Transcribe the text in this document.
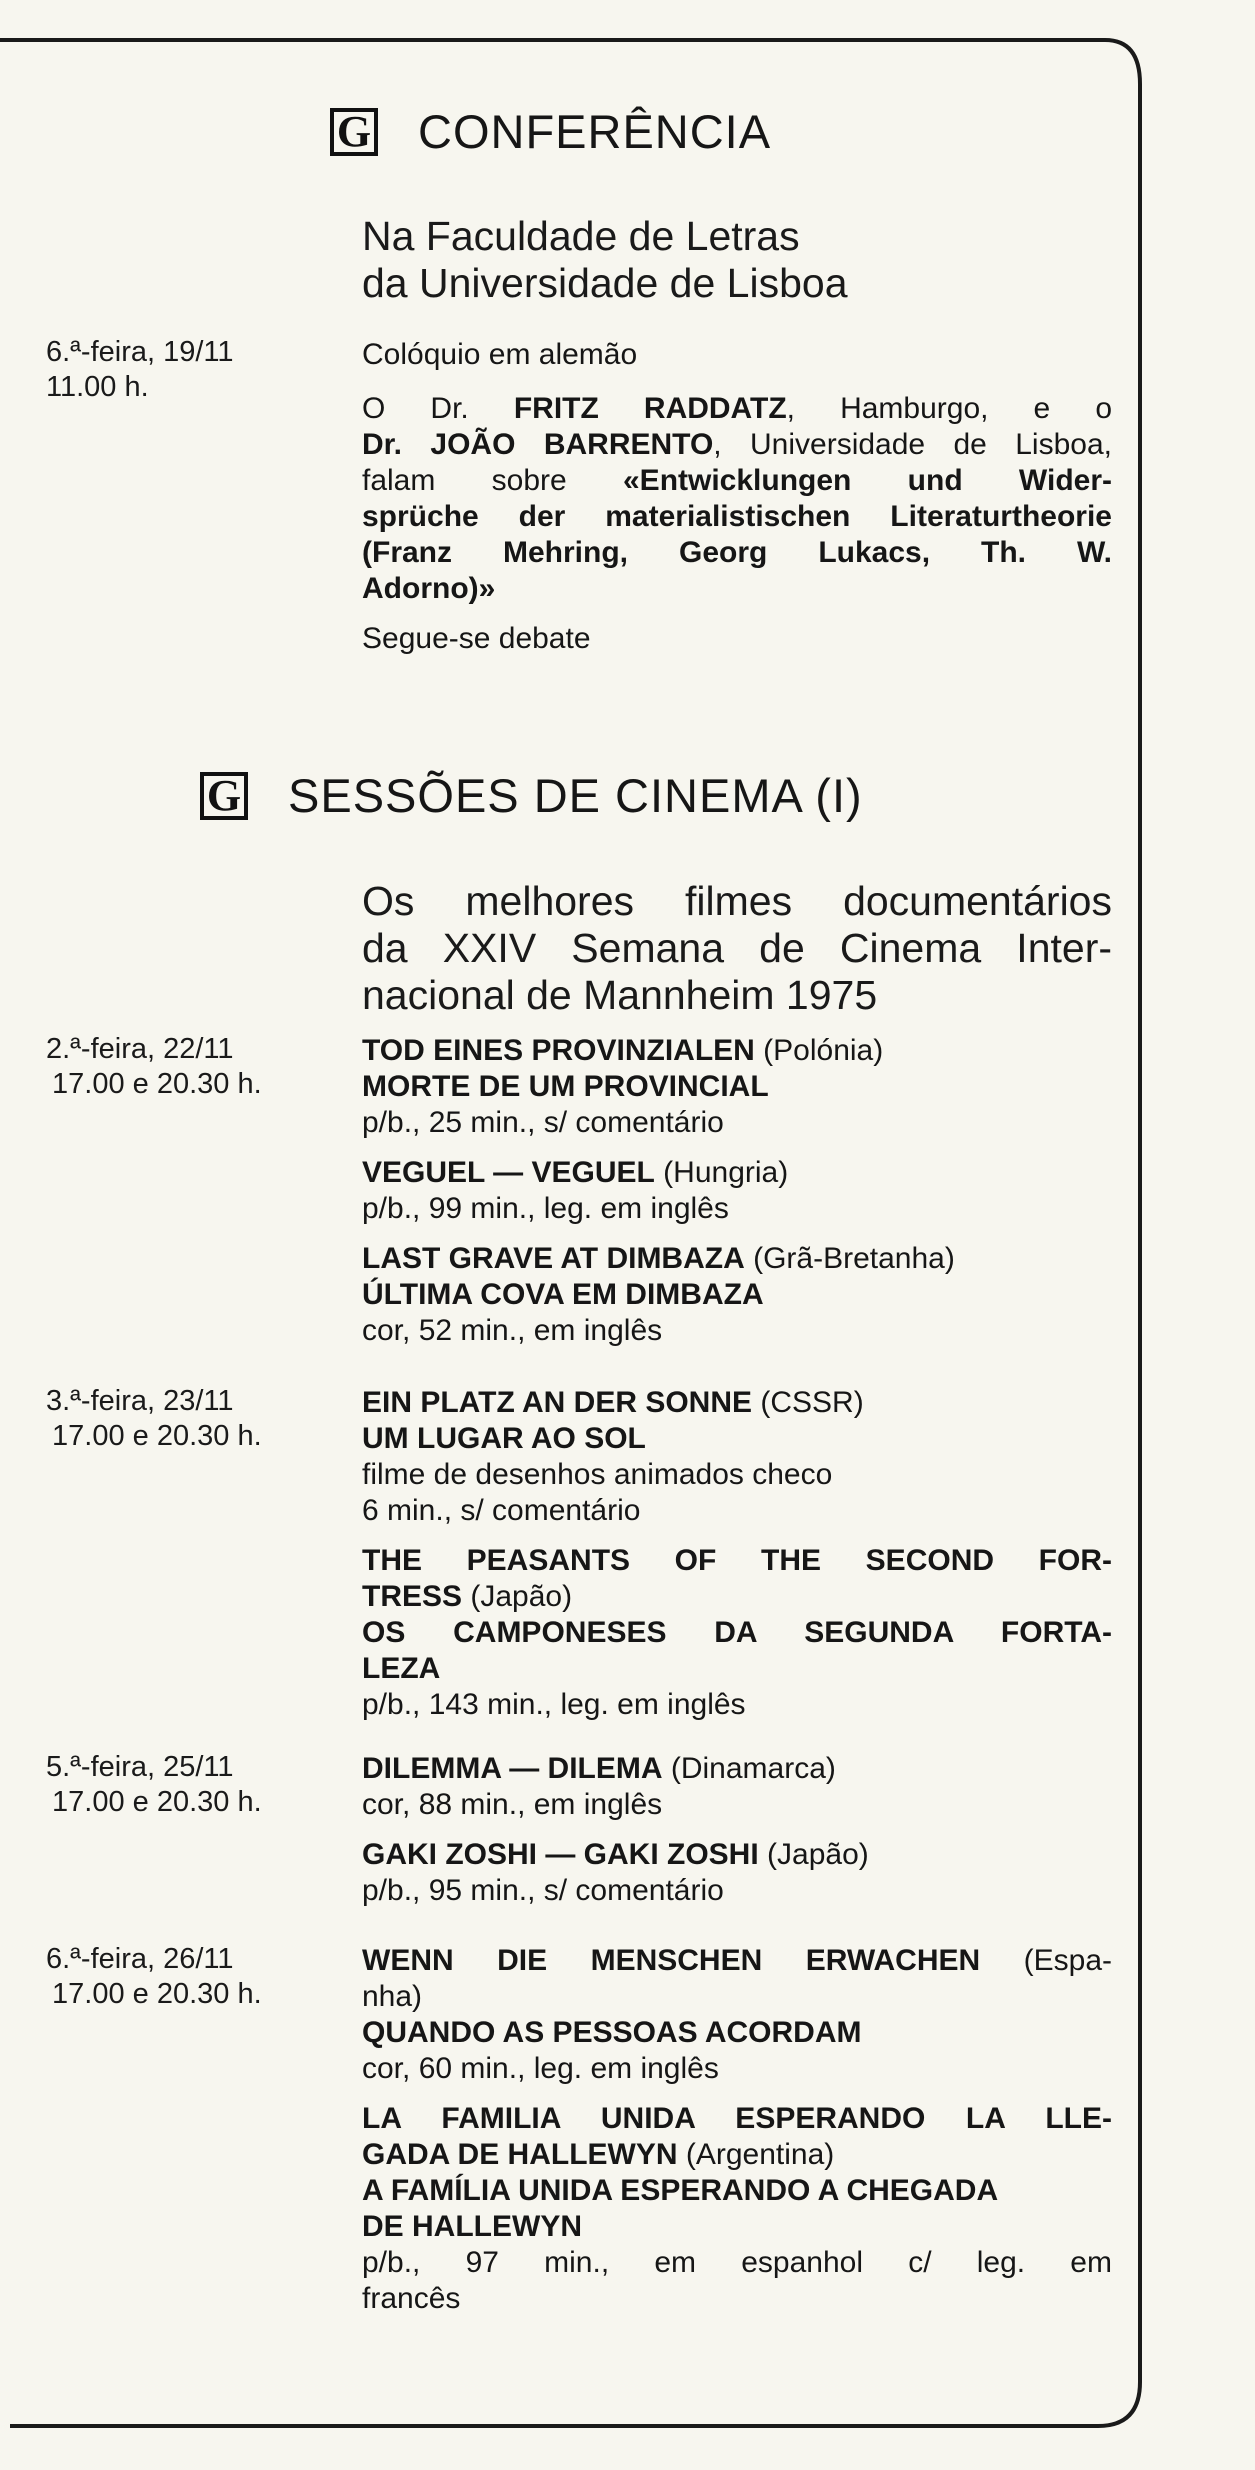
G CONFERÊNCIA
Na Faculdade de Letras
da Universidade de Lisboa
6.ª-feira, 19/11
11.00 h.
Colóquio em alemão
O Dr. FRITZ RADDATZ, Hamburgo, e o
Dr. JOÃO BARRENTO, Universidade de Lisboa,
falam sobre «Entwicklungen und Wider-
sprüche der materialistischen Literaturtheorie
(Franz Mehring, Georg Lukacs, Th. W.
Adorno)»
Segue-se debate
G SESSÕES DE CINEMA (I)
Os melhores filmes documentários
da XXIV Semana de Cinema Inter-
nacional de Mannheim 1975
2.ª-feira, 22/11
17.00 e 20.30 h.
TOD EINES PROVINZIALEN (Polónia)
MORTE DE UM PROVINCIAL
p/b., 25 min., s/ comentário
VEGUEL — VEGUEL (Hungria)
p/b., 99 min., leg. em inglês
LAST GRAVE AT DIMBAZA (Grã-Bretanha)
ÚLTIMA COVA EM DIMBAZA
cor, 52 min., em inglês
3.ª-feira, 23/11
17.00 e 20.30 h.
EIN PLATZ AN DER SONNE (CSSR)
UM LUGAR AO SOL
filme de desenhos animados checo
6 min., s/ comentário
THE PEASANTS OF THE SECOND FOR-
TRESS (Japão)
OS CAMPONESES DA SEGUNDA FORTA-
LEZA
p/b., 143 min., leg. em inglês
5.ª-feira, 25/11
17.00 e 20.30 h.
DILEMMA — DILEMA (Dinamarca)
cor, 88 min., em inglês
GAKI ZOSHI — GAKI ZOSHI (Japão)
p/b., 95 min., s/ comentário
6.ª-feira, 26/11
17.00 e 20.30 h.
WENN DIE MENSCHEN ERWACHEN (Espa-
nha)
QUANDO AS PESSOAS ACORDAM
cor, 60 min., leg. em inglês
LA FAMILIA UNIDA ESPERANDO LA LLE-
GADA DE HALLEWYN (Argentina)
A FAMÍLIA UNIDA ESPERANDO A CHEGADA
DE HALLEWYN
p/b., 97 min., em espanhol c/ leg. em
francês
